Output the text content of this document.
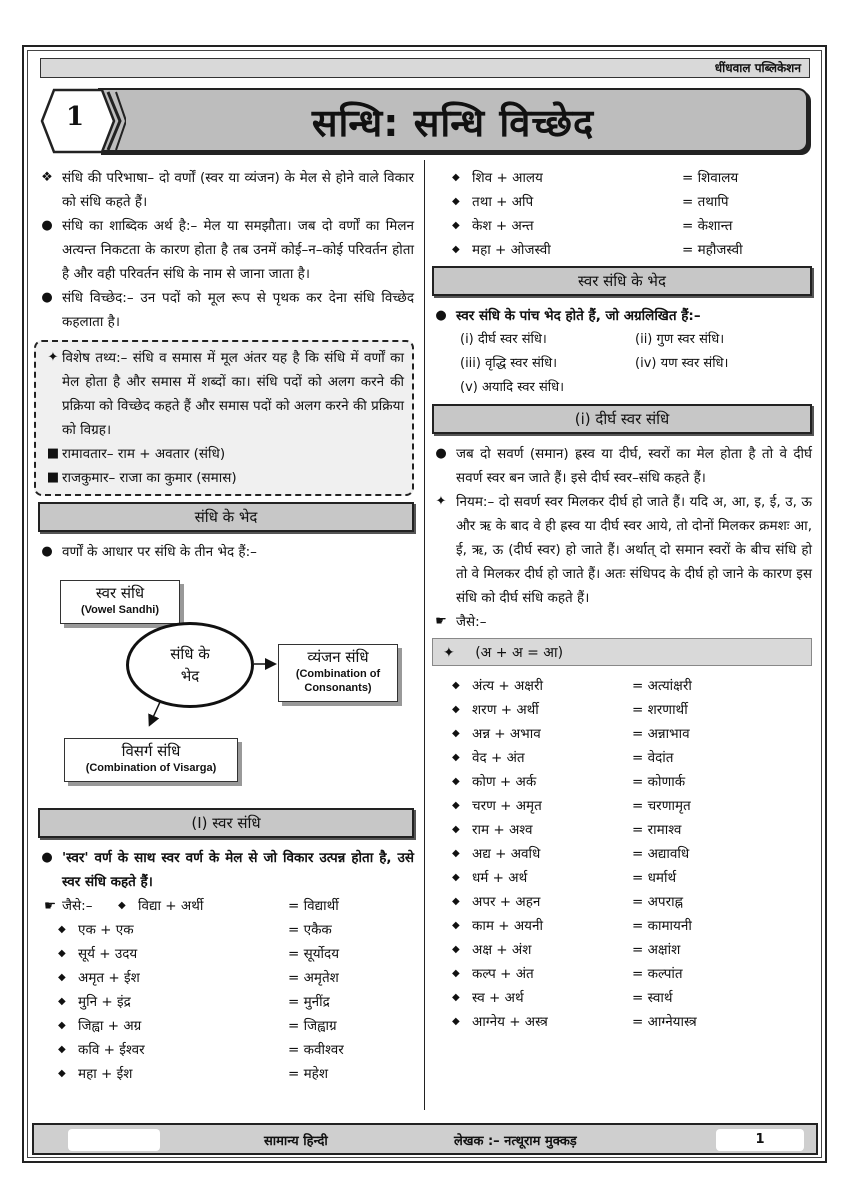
धींधवाल पब्लिकेशन
सन्धि: सन्धि विच्छेद
1
❖ संधि की परिभाषा– दो वर्णों (स्वर या व्यंजन) के मेल से होने वाले विकार को संधि कहते हैं।
● संधि का शाब्दिक अर्थ है:– मेल या समझौता। जब दो वर्णों का मिलन अत्यन्त निकटता के कारण होता है तब उनमें कोई–न–कोई परिवर्तन होता है और वही परिवर्तन संधि के नाम से जाना जाता है।
● संधि विच्छेद:– उन पदों को मूल रूप से पृथक कर देना संधि विच्छेद कहलाता है।
✦ विशेष तथ्य:– संधि व समास में मूल अंतर यह है कि संधि में वर्णों का मेल होता है और समास में शब्दों का। संधि पदों को अलग करने की प्रक्रिया को विच्छेद कहते हैं और समास पदों को अलग करने की प्रक्रिया को विग्रह।
■ रामावतार– राम + अवतार (संधि)
■ राजकुमार– राजा का कुमार (समास)
संधि के भेद
● वर्णों के आधार पर संधि के तीन भेद हैं:–
स्वर संधि
(Vowel Sandhi)
संधि के
भेद
व्यंजन संधि
(Combination of
Consonants)
विसर्ग संधि
(Combination of Visarga)
(I) स्वर संधि
● 'स्वर' वर्ण के साथ स्वर वर्ण के मेल से जो विकार उत्पन्न होता है, उसे स्वर संधि कहते हैं।
☛ जैसे:–	◆ विद्या + अर्थी	= विद्यार्थी
◆ एक + एक	= एकैक
◆ सूर्य + उदय	= सूर्योदय
◆ अमृत + ईश	= अमृतेश
◆ मुनि + इंद्र	= मुनींद्र
◆ जिह्वा + अग्र	= जिह्वाग्र
◆ कवि + ईश्वर	= कवीश्वर
◆ महा + ईश	= महेश
◆ शिव + आलय	= शिवालय
◆ तथा + अपि	= तथापि
◆ केश + अन्त	= केशान्त
◆ महा + ओजस्वी	= महौजस्वी
स्वर संधि के भेद
● स्वर संधि के पांच भेद होते हैं, जो अग्रलिखित हैं:–
(i) दीर्घ स्वर संधि।	(ii) गुण स्वर संधि।
(iii) वृद्धि स्वर संधि।	(iv) यण स्वर संधि।
(v) अयादि स्वर संधि।
(i) दीर्घ स्वर संधि
● जब दो सवर्ण (समान) ह्रस्व या दीर्घ, स्वरों का मेल होता है तो वे दीर्घ सवर्ण स्वर बन जाते हैं। इसे दीर्घ स्वर–संधि कहते हैं।
✦ नियम:– दो सवर्ण स्वर मिलकर दीर्घ हो जाते हैं। यदि अ, आ, इ, ई, उ, ऊ और ऋ के बाद वे ही ह्रस्व या दीर्घ स्वर आये, तो दोनों मिलकर क्रमशः आ, ई, ऋ, ऊ (दीर्घ स्वर) हो जाते हैं। अर्थात् दो समान स्वरों के बीच संधि हो तो वे मिलकर दीर्घ हो जाते हैं। अतः संधिपद के दीर्घ हो जाने के कारण इस संधि को दीर्घ संधि कहते हैं।
☛ जैसे:–
✦ (अ + अ = आ)
◆ अंत्य + अक्षरी	= अत्यांक्षरी
◆ शरण + अर्थी	= शरणार्थी
◆ अन्न + अभाव	= अन्नाभाव
◆ वेद + अंत	= वेदांत
◆ कोण + अर्क	= कोणार्क
◆ चरण + अमृत	= चरणामृत
◆ राम + अश्व	= रामाश्व
◆ अद्य + अवधि	= अद्यावधि
◆ धर्म + अर्थ	= धर्मार्थ
◆ अपर + अहन	= अपराह्न
◆ काम + अयनी	= कामायनी
◆ अक्ष + अंश	= अक्षांश
◆ कल्प + अंत	= कल्पांत
◆ स्व + अर्थ	= स्वार्थ
◆ आग्नेय + अस्त्र	= आग्नेयास्त्र
सामान्य हिन्दी	लेखक :– नत्थूराम मुक्कड़	1
